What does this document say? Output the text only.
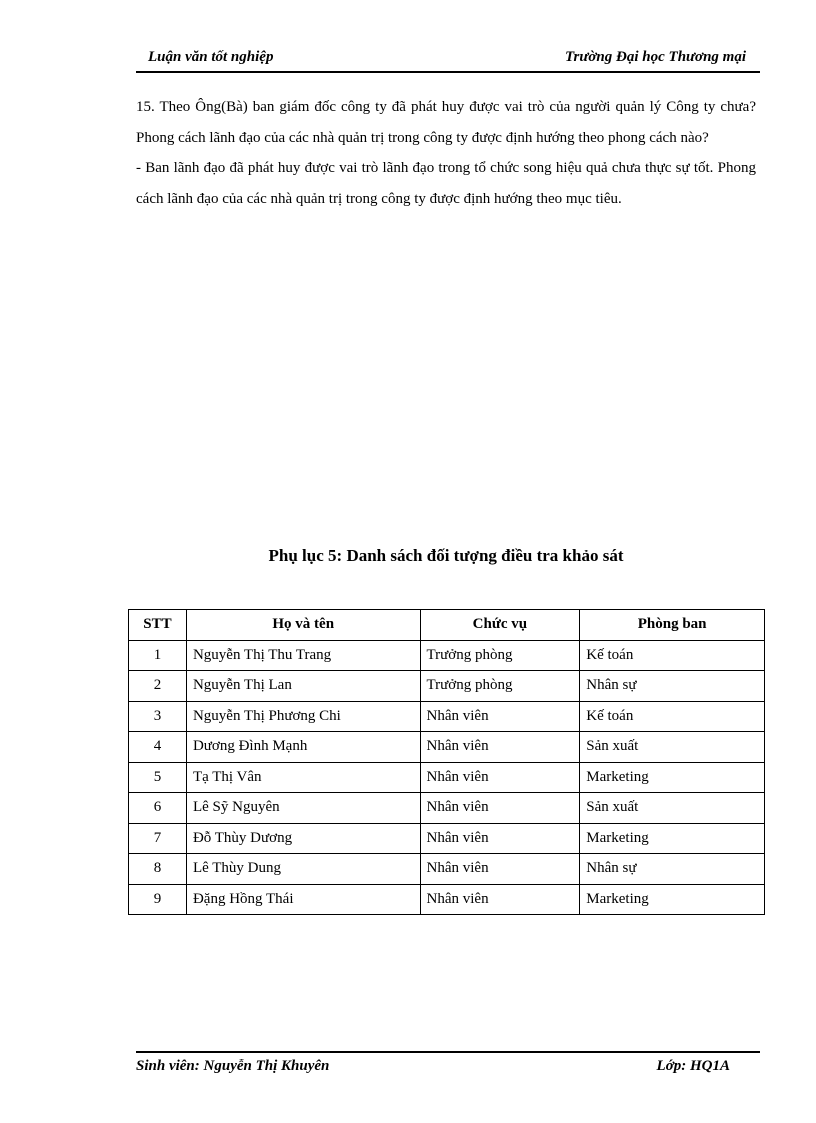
Luận văn tốt nghiệp	Trường Đại học Thương mại

15. Theo Ông(Bà) ban giám đốc công ty đã phát huy được vai trò của người quản lý Công ty chưa?Phong cách lãnh đạo của các nhà quản trị trong công ty được định hướng theo phong cách nào?

- Ban lãnh đạo đã phát huy được vai trò lãnh đạo trong tổ chức song hiệu quả chưa thực sự tốt. Phong cách lãnh đạo của các nhà quản trị trong công ty được định hướng theo mục tiêu.

Phụ lục 5: Danh sách đối tượng điều tra khảo sát
STT	Họ và tên	Chức vụ	Phòng ban
1	Nguyễn Thị Thu Trang	Trưởng phòng	Kế toán
2	Nguyễn Thị Lan	Trưởng phòng	Nhân sự
3	Nguyễn Thị Phương Chi	Nhân viên	Kế toán
4	Dương Đình Mạnh	Nhân viên	Sản xuất
5	Tạ Thị Vân	Nhân viên	Marketing
6	Lê Sỹ Nguyên	Nhân viên	Sản xuất
7	Đỗ Thùy Dương	Nhân viên	Marketing
8	Lê Thùy Dung	Nhân viên	Nhân sự
9	Đặng Hồng Thái	Nhân viên	Marketing
Sinh viên: Nguyễn Thị Khuyên	Lớp: HQ1A
